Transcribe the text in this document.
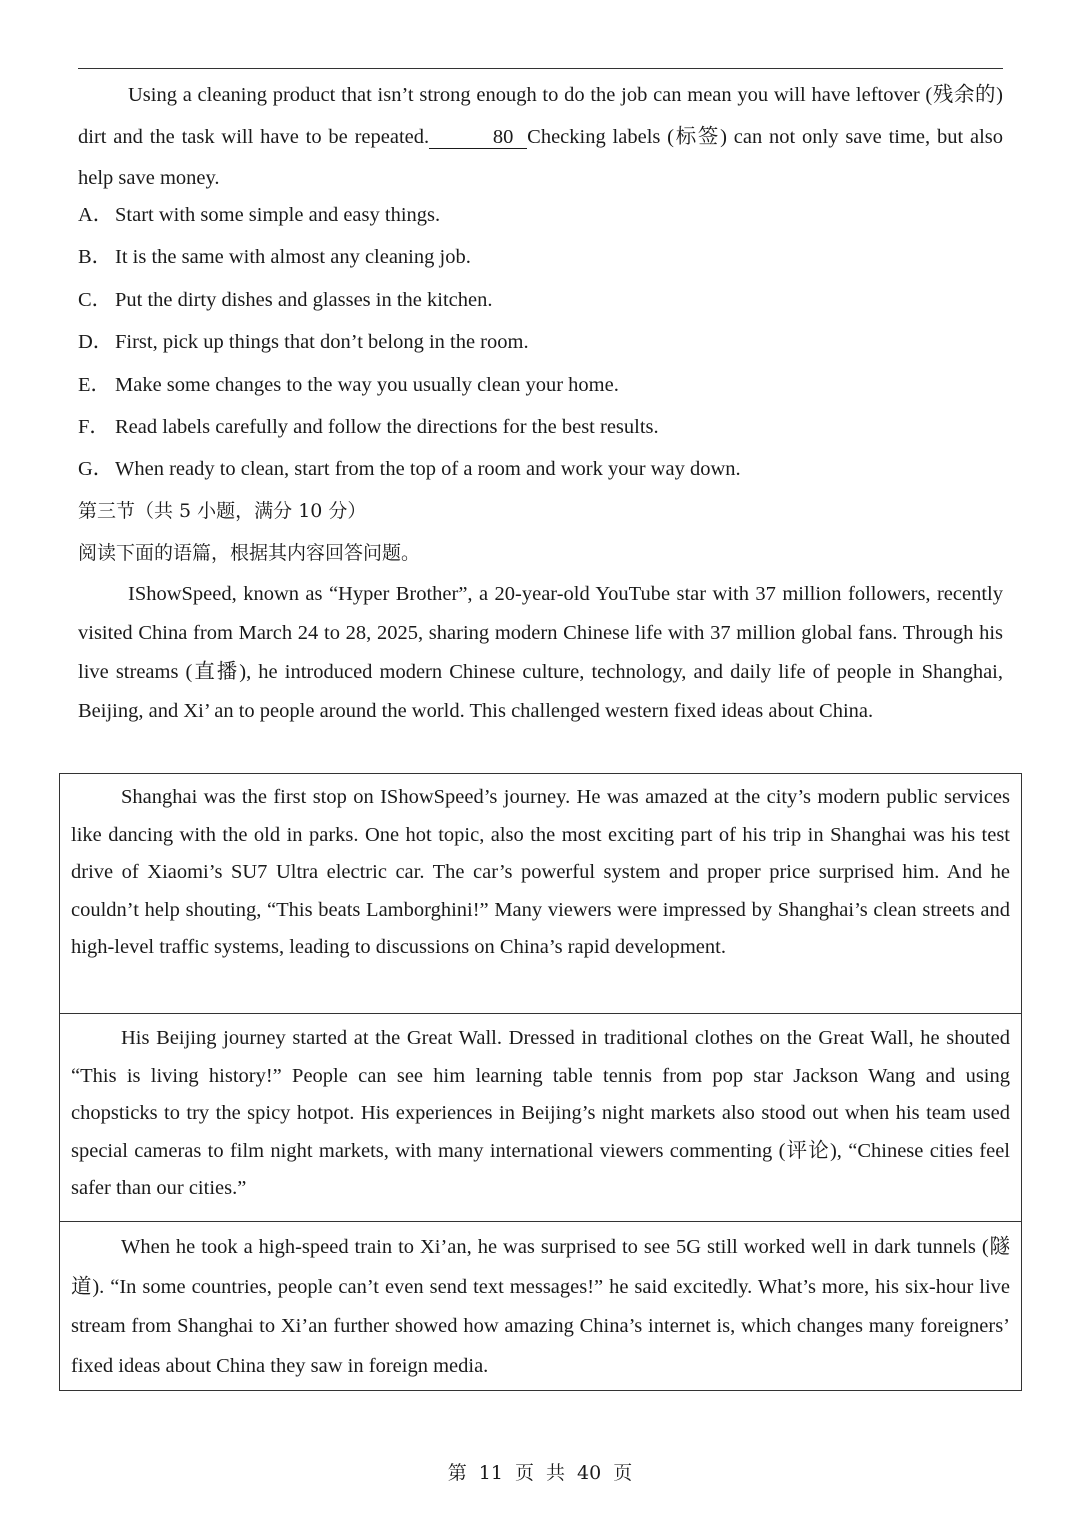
Using a cleaning product that isn’t strong enough to do the job can mean you will have leftover (残余的) dirt and the task will have to be repeated.	80 Checking labels (标签) can not only save time, but also help save money.

A．Start with some simple and easy things.
B． It is the same with almost any cleaning job.
C． Put the dirty dishes and glasses in the kitchen.
D．First, pick up things that don’t belong in the room.
E． Make some changes to the way you usually clean your home.
F． Read labels carefully and follow the directions for the best results.
G．When ready to clean, start from the top of a room and work your way down.

第三节（共 5 小题，满分 10 分）

阅读下面的语篇，根据其内容回答问题。

IShowSpeed, known as “Hyper Brother”, a 20-year-old YouTube star with 37 million followers, recently visited China from March 24 to 28, 2025, sharing modern Chinese life with 37 million global fans. Through his live streams (直播), he introduced modern Chinese culture, technology, and daily life of people in Shanghai, Beijing, and Xi’ an to people around the world. This challenged western fixed ideas about China.

Shanghai was the first stop on IShowSpeed’s journey. He was amazed at the city’s modern public services like dancing with the old in parks. One hot topic, also the most exciting part of his trip in Shanghai was his test drive of Xiaomi’s SU7 Ultra electric car. The car’s powerful system and proper price surprised him. And he couldn’t help shouting, “This beats Lamborghini!” Many viewers were impressed by Shanghai’s clean streets and high-level traffic systems, leading to discussions on China’s rapid development.

His Beijing journey started at the Great Wall. Dressed in traditional clothes on the Great Wall, he shouted “This is living history!” People can see him learning table tennis from pop star Jackson Wang and using chopsticks to try the spicy hotpot. His experiences in Beijing’s night markets also stood out when his team used special cameras to film night markets, with many international viewers commenting (评论), “Chinese cities feel safer than our cities.”

When he took a high-speed train to Xi’an, he was surprised to see 5G still worked well in dark tunnels (隧道). “In some countries, people can’t even send text messages!” he said excitedly. What’s more, his six-hour live stream from Shanghai to Xi’an further showed how amazing China’s internet is, which changes many foreigners’ fixed ideas about China they saw in foreign media.

第 11 页 共 40 页
